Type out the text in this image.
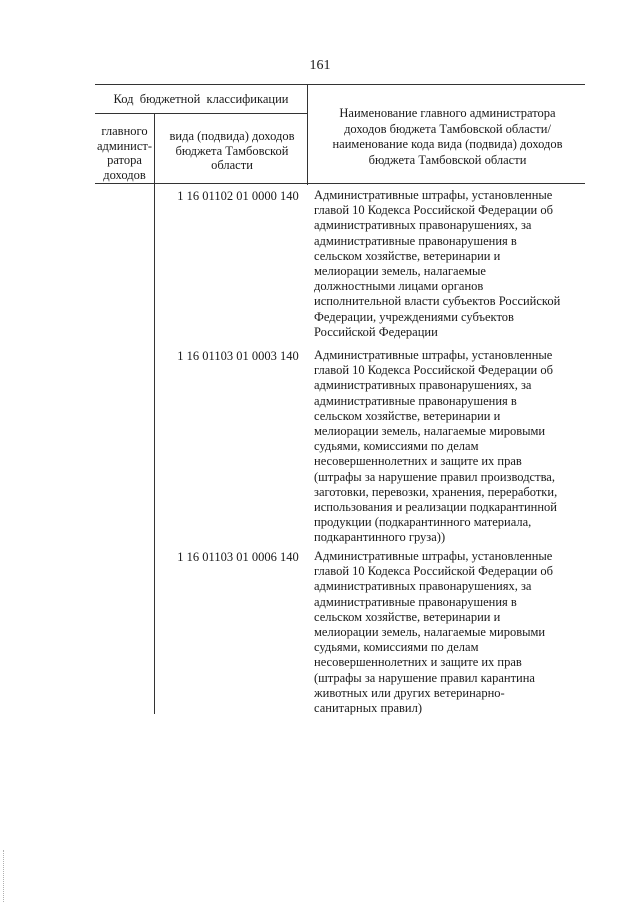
161
Код  бюджетной  классификации
главного админист-ратора доходов
вида (подвида) доходов бюджета Тамбовской области
Наименование главного администратора доходов бюджета Тамбовской области/наименование кода вида (подвида) доходов бюджета Тамбовской области
1 16 01102 01 0000 140	Административные штрафы, установленные
главой 10 Кодекса Российской Федерации об
административных правонарушениях, за
административные правонарушения в
сельском хозяйстве, ветеринарии и
мелиорации земель, налагаемые
должностными лицами органов
исполнительной власти субъектов Российской
Федерации, учреждениями субъектов
Российской Федерации
1 16 01103 01 0003 140	Административные штрафы, установленные
главой 10 Кодекса Российской Федерации об
административных правонарушениях, за
административные правонарушения в
сельском хозяйстве, ветеринарии и
мелиорации земель, налагаемые мировыми
судьями, комиссиями по делам
несовершеннолетних и защите их прав
(штрафы за нарушение правил производства,
заготовки, перевозки, хранения, переработки,
использования и реализации подкарантинной
продукции (подкарантинного материала,
подкарантинного груза))
1 16 01103 01 0006 140	Административные штрафы, установленные
главой 10 Кодекса Российской Федерации об
административных правонарушениях, за
административные правонарушения в
сельском хозяйстве, ветеринарии и
мелиорации земель, налагаемые мировыми
судьями, комиссиями по делам
несовершеннолетних и защите их прав
(штрафы за нарушение правил карантина
животных или других ветеринарно-
санитарных правил)
